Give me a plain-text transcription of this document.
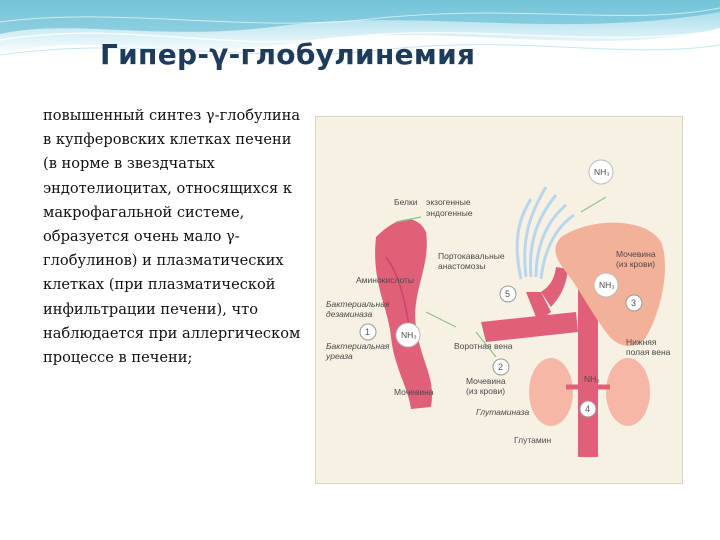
Гипер-γ-глобулинемия

повышенный синтез γ-глобулина в купферовских клетках печени (в норме в звездчатых эндотелиоцитах, относящихся к макрофагальной системе, образуется очень мало γ-глобулинов) и плазматических клетках (при плазматической инфильтрации печени), что наблюдается при аллергическом процессе в печени;

NH₃
NH₃
NH₃
NH₃
1
2
3
4
5
Белки экзогенные
эндогенные
Аминокислоты
Бактериальная
дезаминаза
Бактериальная
уреаза
Мочевина
Портокавальные
анастомозы
Воротная вена
Мочевина
(из крови)
Глутаминаза
Глутамин
Мочевина
(из крови)
Нижняя
полая вена
